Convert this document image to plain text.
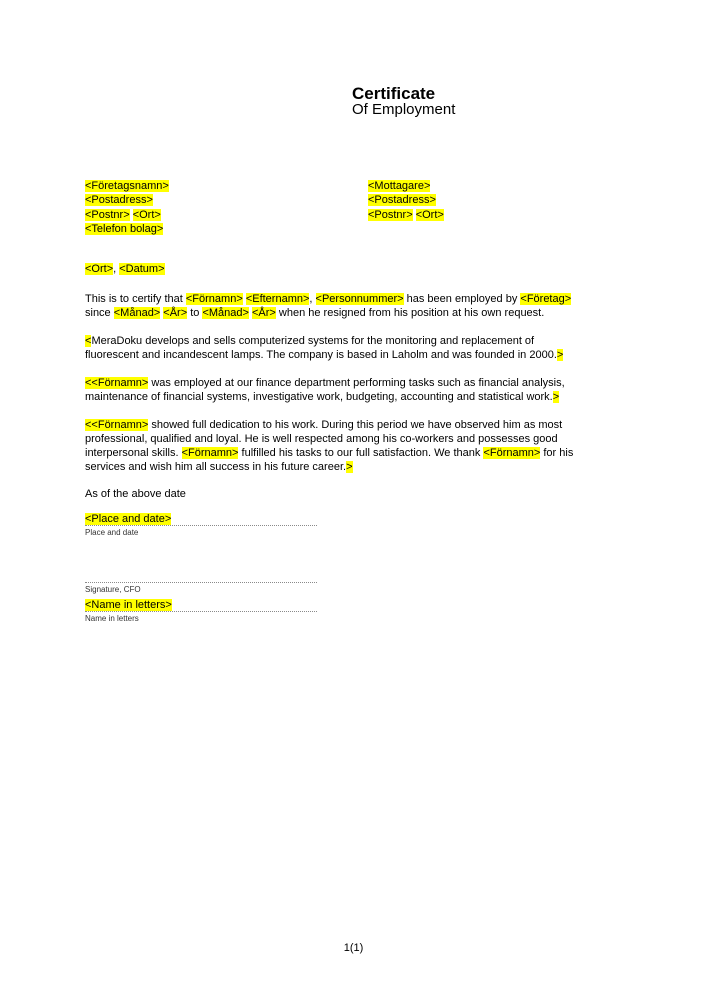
Certificate
Of Employment
<Företagsnamn>
<Postadress>
<Postnr> <Ort>
<Telefon bolag>
<Mottagare>
<Postadress>
<Postnr> <Ort>
<Ort>, <Datum>
This is to certify that <Förnamn> <Efternamn>, <Personnummer> has been employed by <Företag>
since <Månad> <År> to <Månad> <År> when he resigned from his position at his own request.
<MeraDoku develops and sells computerized systems for the monitoring and replacement of
fluorescent and incandescent lamps. The company is based in Laholm and was founded in 2000.>
<<Förnamn> was employed at our finance department performing tasks such as financial analysis,
maintenance of financial systems, investigative work, budgeting, accounting and statistical work.>
<<Förnamn> showed full dedication to his work. During this period we have observed him as most
professional, qualified and loyal. He is well respected among his co-workers and possesses good
interpersonal skills. <Förnamn> fulfilled his tasks to our full satisfaction. We thank <Förnamn> for his
services and wish him all success in his future career.>
As of the above date
<Place and date>
Place and date
Signature, CFO
<Name in letters>
Name in letters
1(1)
